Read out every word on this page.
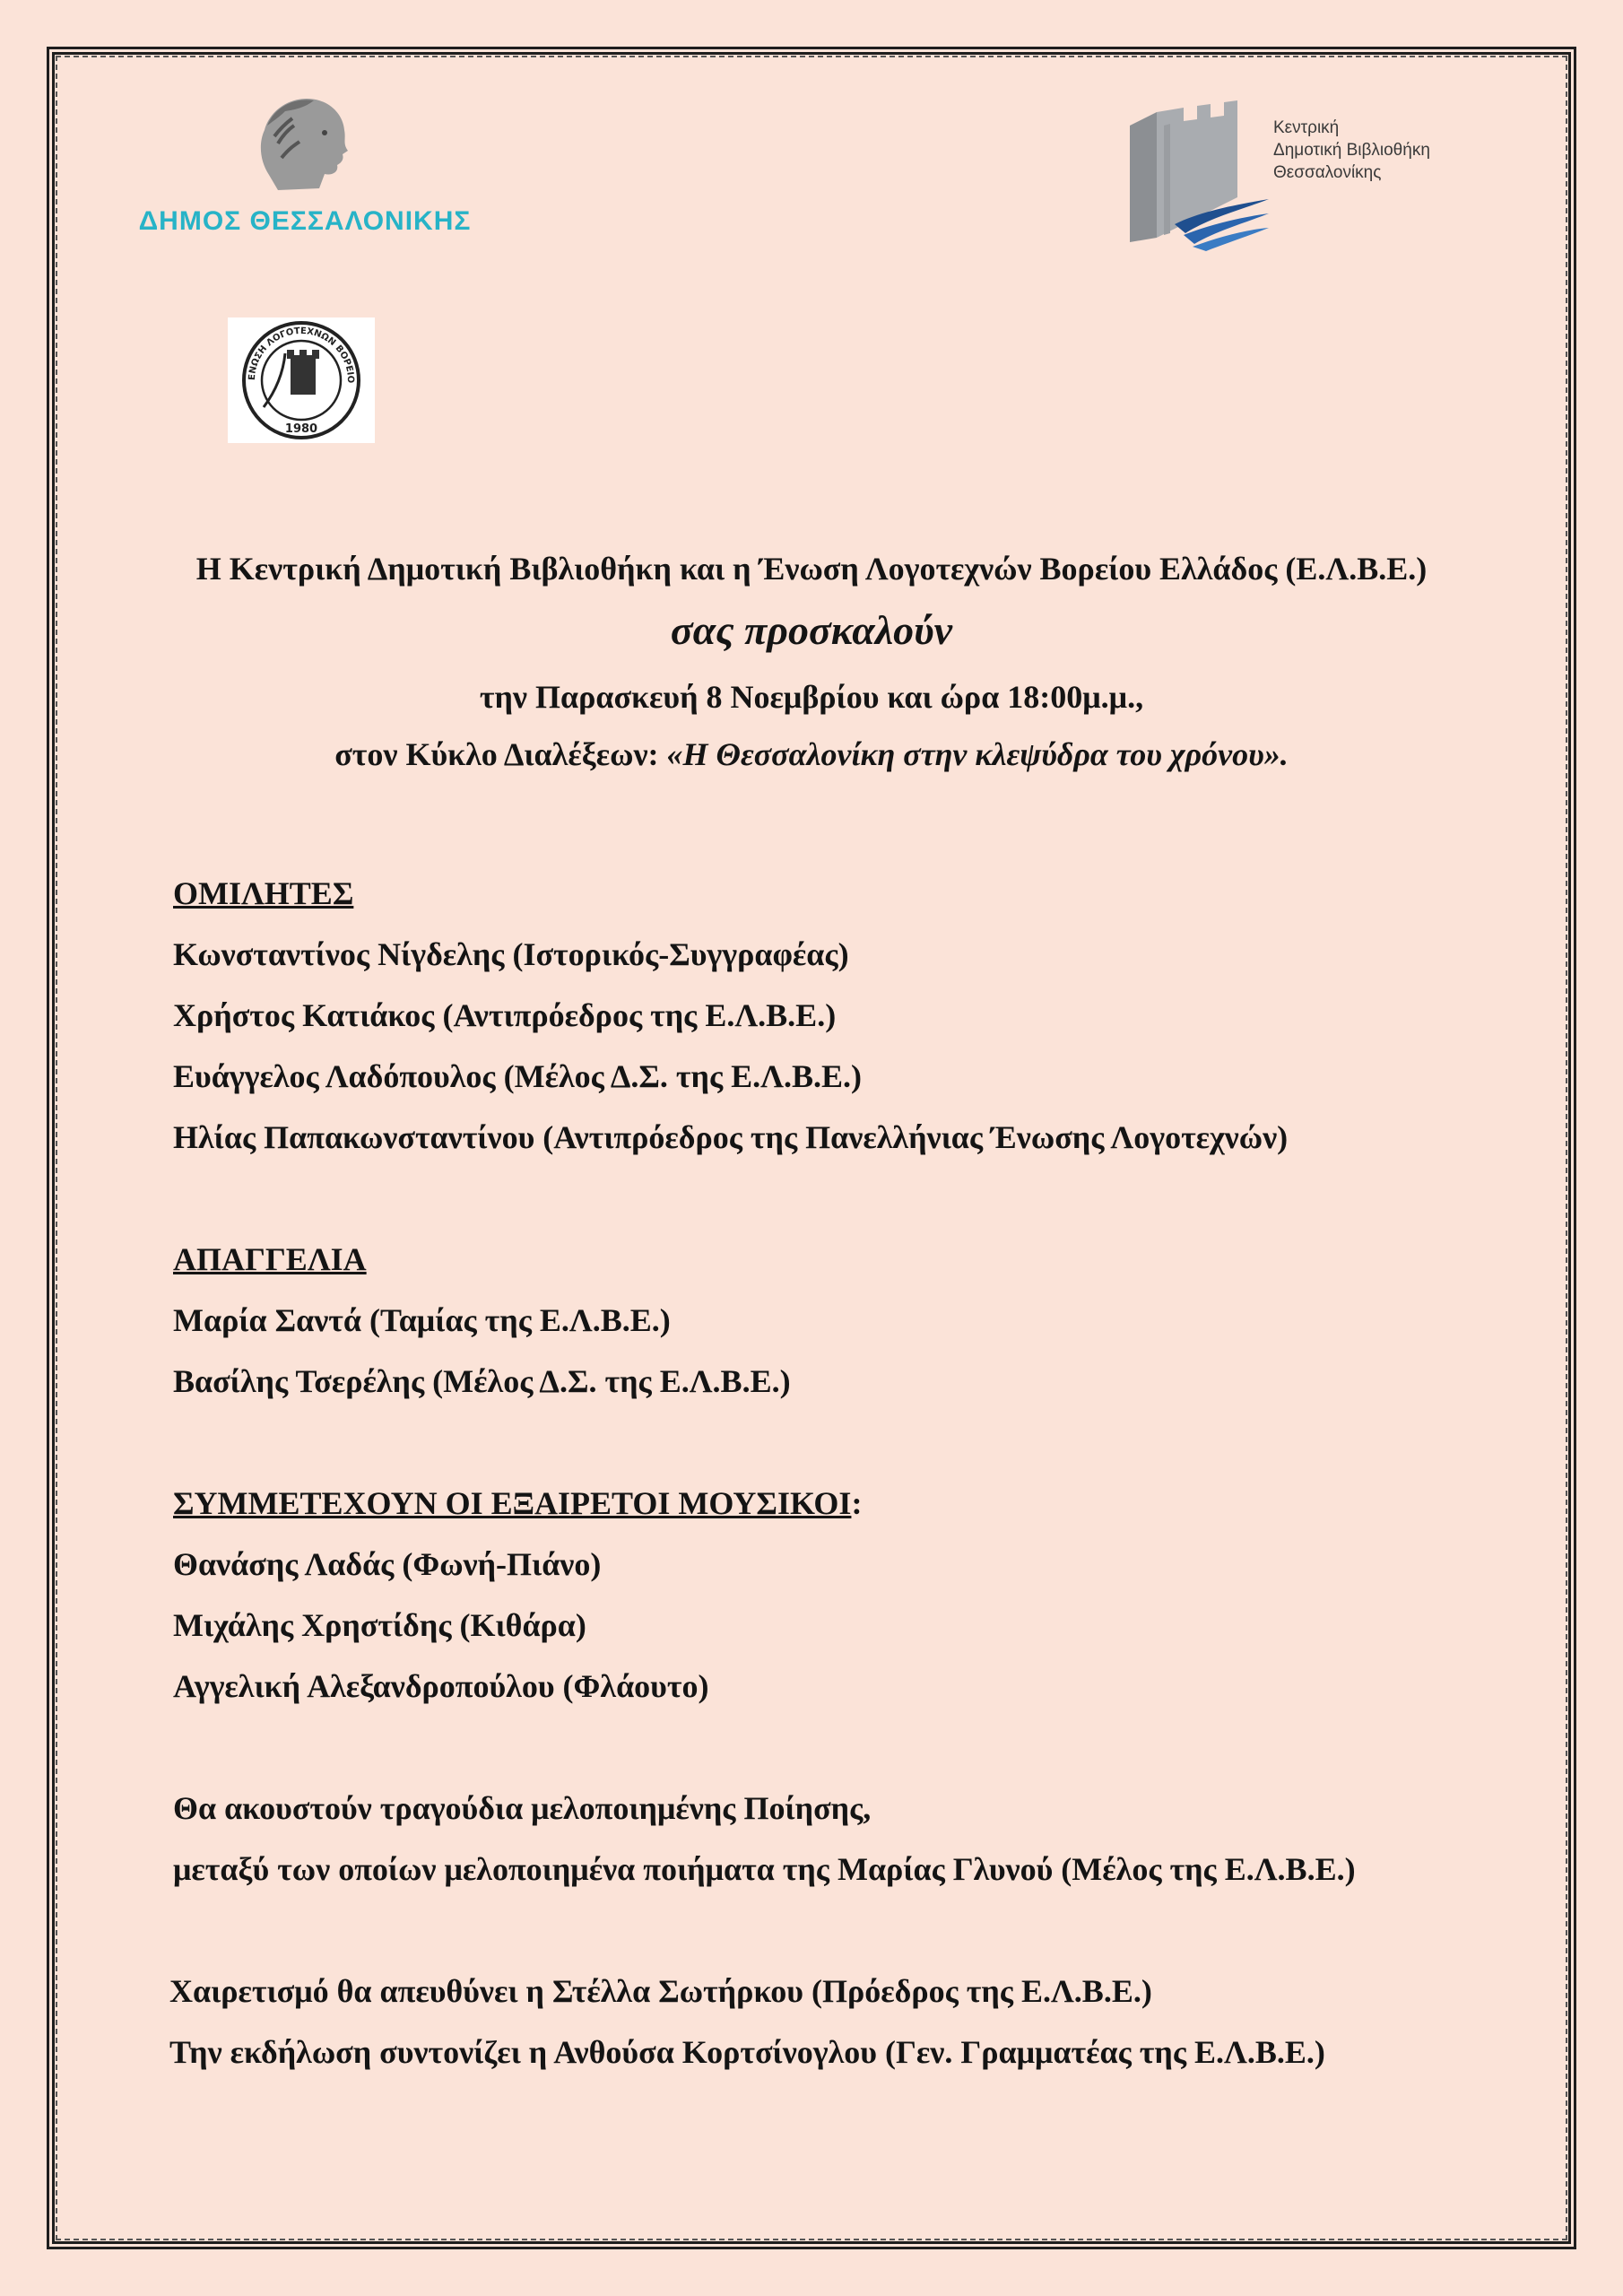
ΔΗΜΟΣ ΘΕΣΣΑΛΟΝΙΚΗΣ
Κεντρική
Δημοτική Βιβλιοθήκη
Θεσσαλονίκης
ΕΝΩΣΗ ΛΟΓΟΤΕΧΝΩΝ ΒΟΡΕΙΟ
1980
Η Κεντρική Δημοτική Βιβλιοθήκη και η Ένωση Λογοτεχνών Βορείου Ελλάδος (Ε.Λ.Β.Ε.)
σας προσκαλούν
την Παρασκευή 8 Νοεμβρίου και ώρα 18:00μ.μ.,
στον Κύκλο Διαλέξεων: «Η Θεσσαλονίκη στην κλεψύδρα του χρόνου».
ΟΜΙΛΗΤΕΣ
Κωνσταντίνος Νίγδελης (Ιστορικός-Συγγραφέας)
Χρήστος Κατιάκος (Αντιπρόεδρος της Ε.Λ.Β.Ε.)
Ευάγγελος Λαδόπουλος (Μέλος Δ.Σ. της Ε.Λ.Β.Ε.)
Ηλίας Παπακωνσταντίνου (Αντιπρόεδρος της Πανελλήνιας Ένωσης Λογοτεχνών)
ΑΠΑΓΓΕΛΙΑ
Μαρία Σαντά (Ταμίας της Ε.Λ.Β.Ε.)
Βασίλης Τσερέλης (Μέλος Δ.Σ. της Ε.Λ.Β.Ε.)
ΣΥΜΜΕΤΕΧΟΥΝ ΟΙ ΕΞΑΙΡΕΤΟΙ ΜΟΥΣΙΚΟΙ:
Θανάσης Λαδάς (Φωνή-Πιάνο)
Μιχάλης Χρηστίδης (Κιθάρα)
Αγγελική Αλεξανδροπούλου (Φλάουτο)
Θα ακουστούν τραγούδια μελοποιημένης Ποίησης,
μεταξύ των οποίων μελοποιημένα ποιήματα της Μαρίας Γλυνού (Μέλος της Ε.Λ.Β.Ε.)
Χαιρετισμό θα απευθύνει η Στέλλα Σωτήρκου (Πρόεδρος της Ε.Λ.Β.Ε.)
Την εκδήλωση συντονίζει η Ανθούσα Κορτσίνογλου (Γεν. Γραμματέας της Ε.Λ.Β.Ε.)
